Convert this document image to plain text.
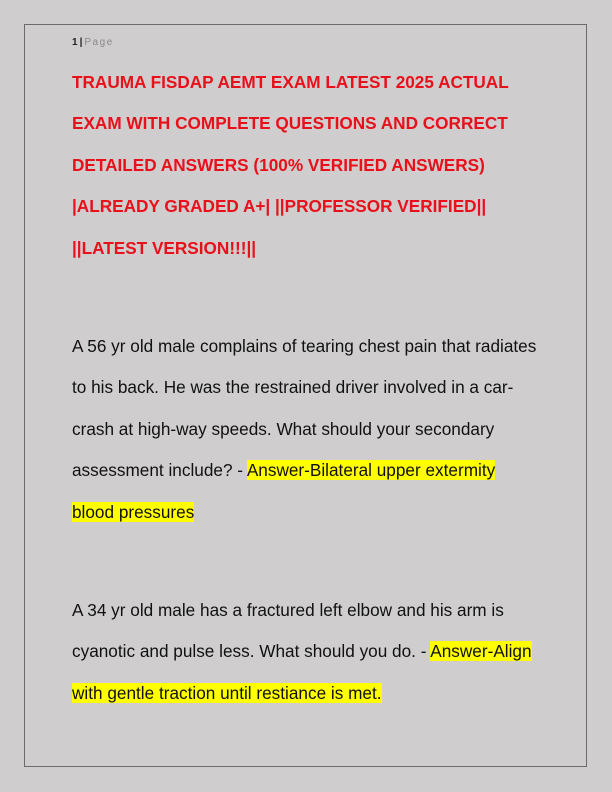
1 | Page
TRAUMA FISDAP AEMT EXAM LATEST 2025 ACTUAL EXAM WITH COMPLETE QUESTIONS AND CORRECT DETAILED ANSWERS (100% VERIFIED ANSWERS) |ALREADY GRADED A+| ||PROFESSOR VERIFIED|| ||LATEST VERSION!!!||

A 56 yr old male complains of tearing chest pain that radiates to his back. He was the restrained driver involved in a car-crash at high-way speeds. What should your secondary assessment include? - Answer-Bilateral upper extermity blood pressures

A 34 yr old male has a fractured left elbow and his arm is cyanotic and pulse less. What should you do. - Answer-Align with gentle traction until restiance is met.
